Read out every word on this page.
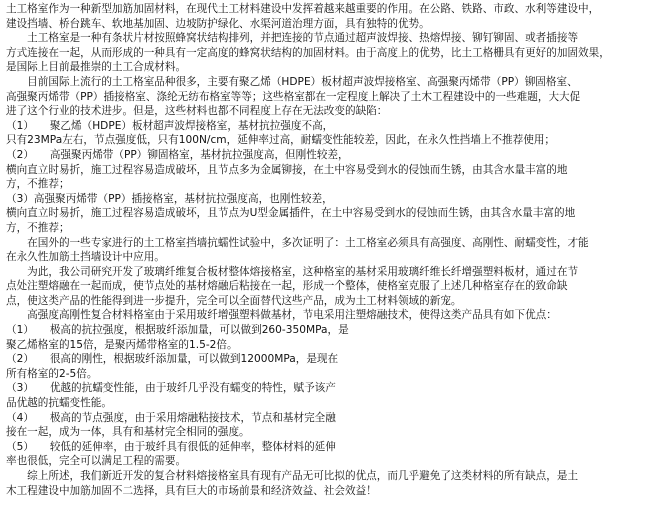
土工格室作为一种新型加筋加固材料，在现代土工材料建设中发挥着越来越重要的作用。在公路、铁路、市政、水利等建设中，
建设挡墙、桥台跳车、软地基加固、边坡防护绿化、水渠河道治理方面，具有独特的优势。
　　土工格室是一种有条状片材按照蜂窝状结构排列，并把连接的节点通过超声波焊接、热熔焊接、铆钉铆固、或者插接等
方式连接在一起，从而形成的一种具有一定高度的蜂窝状结构的加固材料。由于高度上的优势，比土工格栅具有更好的加固效果，
是国际上目前最推崇的土工合成材料。
　　目前国际上流行的土工格室品种很多，主要有聚乙烯（HDPE）板材超声波焊接格室、高强聚丙烯带（PP）铆固格室、
高强聚丙烯带（PP）插接格室、涤纶无纺布格室等等；这些格室都在一定程度上解决了土木工程建设中的一些难题，大大促
进了这个行业的技术进步。但是，这些材料也都不同程度上存在无法改变的缺陷：
（1）　　聚乙烯（HDPE）板材超声波焊接格室，基材抗拉强度不高，
只有23MPa左右，节点强度低，只有100N/cm，延伸率过高，耐蠕变性能较差，因此，在永久性挡墙上不推荐使用；
（2）　　高强聚丙烯带（PP）铆固格室，基材抗拉强度高，但刚性较差，
横向直立时易折，施工过程容易造成破坏，且节点多为金属铆接，在土中容易受到水的侵蚀而生锈，由其含水量丰富的地
方，不推荐；
（3）高强聚丙烯带（PP）插接格室，基材抗拉强度高，也刚性较差，
横向直立时易折，施工过程容易造成破坏，且节点为U型金属插件，在土中容易受到水的侵蚀而生锈，由其含水量丰富的地
方，不推荐；
　　在国外的一些专家进行的土工格室挡墙抗蠕性试验中，多次证明了：土工格室必须具有高强度、高刚性、耐蠕变性，才能
在永久性加筋土挡墙设计中应用。
　　为此，我公司研究开发了玻璃纤维复合板材整体熔接格室，这种格室的基材采用玻璃纤维长纤增强塑料板材，通过在节
点处注塑熔融在一起而成，使节点处的基材熔融后粘接在一起，形成一个整体，使格室克服了上述几种格室存在的致命缺
点，使这类产品的性能得到进一步提升，完全可以全面替代这些产品，成为土工材料领域的新宠。
　　高强度高刚性复合材料格室由于采用玻纤增强塑料做基材，节电采用注塑熔融技术，使得这类产品具有如下优点：
（1）　　极高的抗拉强度，根据玻纤添加量，可以做到260-350MPa，是
聚乙烯格室的15倍，是聚丙烯带格室的1.5-2倍。
（2）　　很高的刚性，根据玻纤添加量，可以做到12000MPa，是现在
所有格室的2-5倍。
（3）　　优越的抗蠕变性能，由于玻纤几乎没有蠕变的特性，赋予该产
品优越的抗蠕变性能。
（4）　　极高的节点强度，由于采用熔融粘接技术，节点和基材完全融
接在一起，成为一体，具有和基材完全相同的强度。
（5）　　较低的延伸率，由于玻纤具有很低的延伸率，整体材料的延伸
率也很低，完全可以满足工程的需要。
　　综上所述，我们新近开发的复合材料熔接格室具有现有产品无可比拟的优点，而几乎避免了这类材料的所有缺点，是土
木工程建设中加筋加固不二选择，具有巨大的市场前景和经济效益、社会效益！
